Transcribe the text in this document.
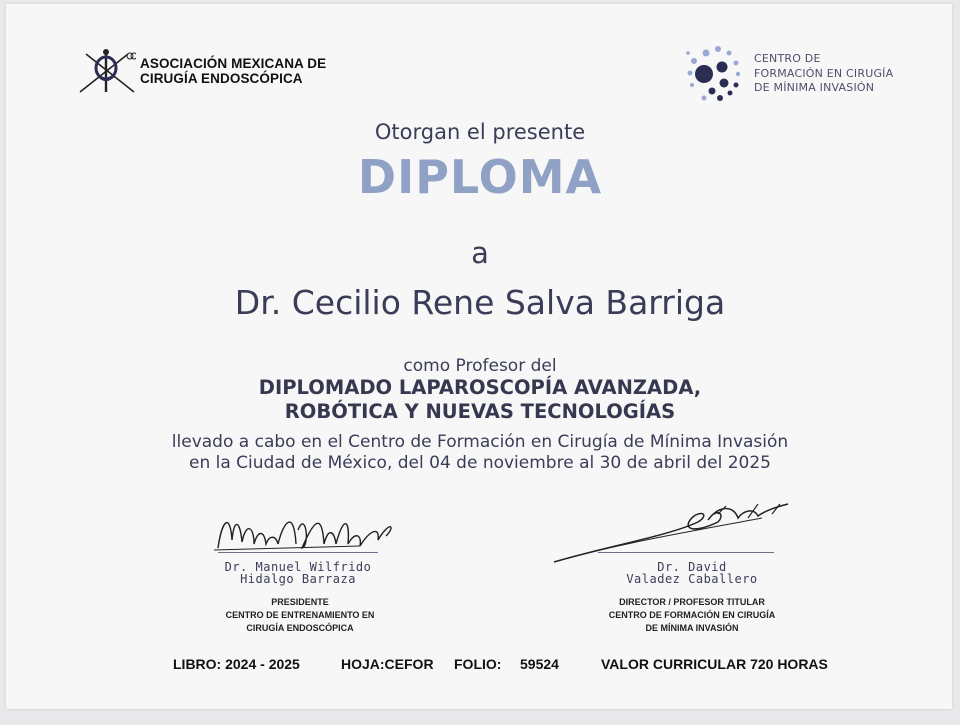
ASOCIACIÓN MEXICANA DE
CIRUGÍA ENDOSCÓPICA
CENTRO DE
FORMACIÓN EN CIRUGÍA
DE MÍNIMA INVASIÓN
Otorgan el presente
DIPLOMA
a
Dr. Cecilio Rene Salva Barriga
como Profesor del
DIPLOMADO LAPAROSCOPÍA AVANZADA,
ROBÓTICA Y NUEVAS TECNOLOGÍAS
llevado a cabo en el Centro de Formación en Cirugía de Mínima Invasión
en la Ciudad de México, del 04 de noviembre al 30 de abril del 2025
Dr. Manuel Wilfrido
Hidalgo Barraza
PRESIDENTE
CENTRO DE ENTRENAMIENTO EN
CIRUGÍA ENDOSCÓPICA
Dr. David
Valadez Caballero
DIRECTOR / PROFESOR TITULAR
CENTRO DE FORMACIÓN EN CIRUGÍA
DE MÍNIMA INVASIÓN
LIBRO: 2024 - 2025	HOJA:CEFOR FOLIO: 59524	VALOR CURRICULAR 720 HORAS
